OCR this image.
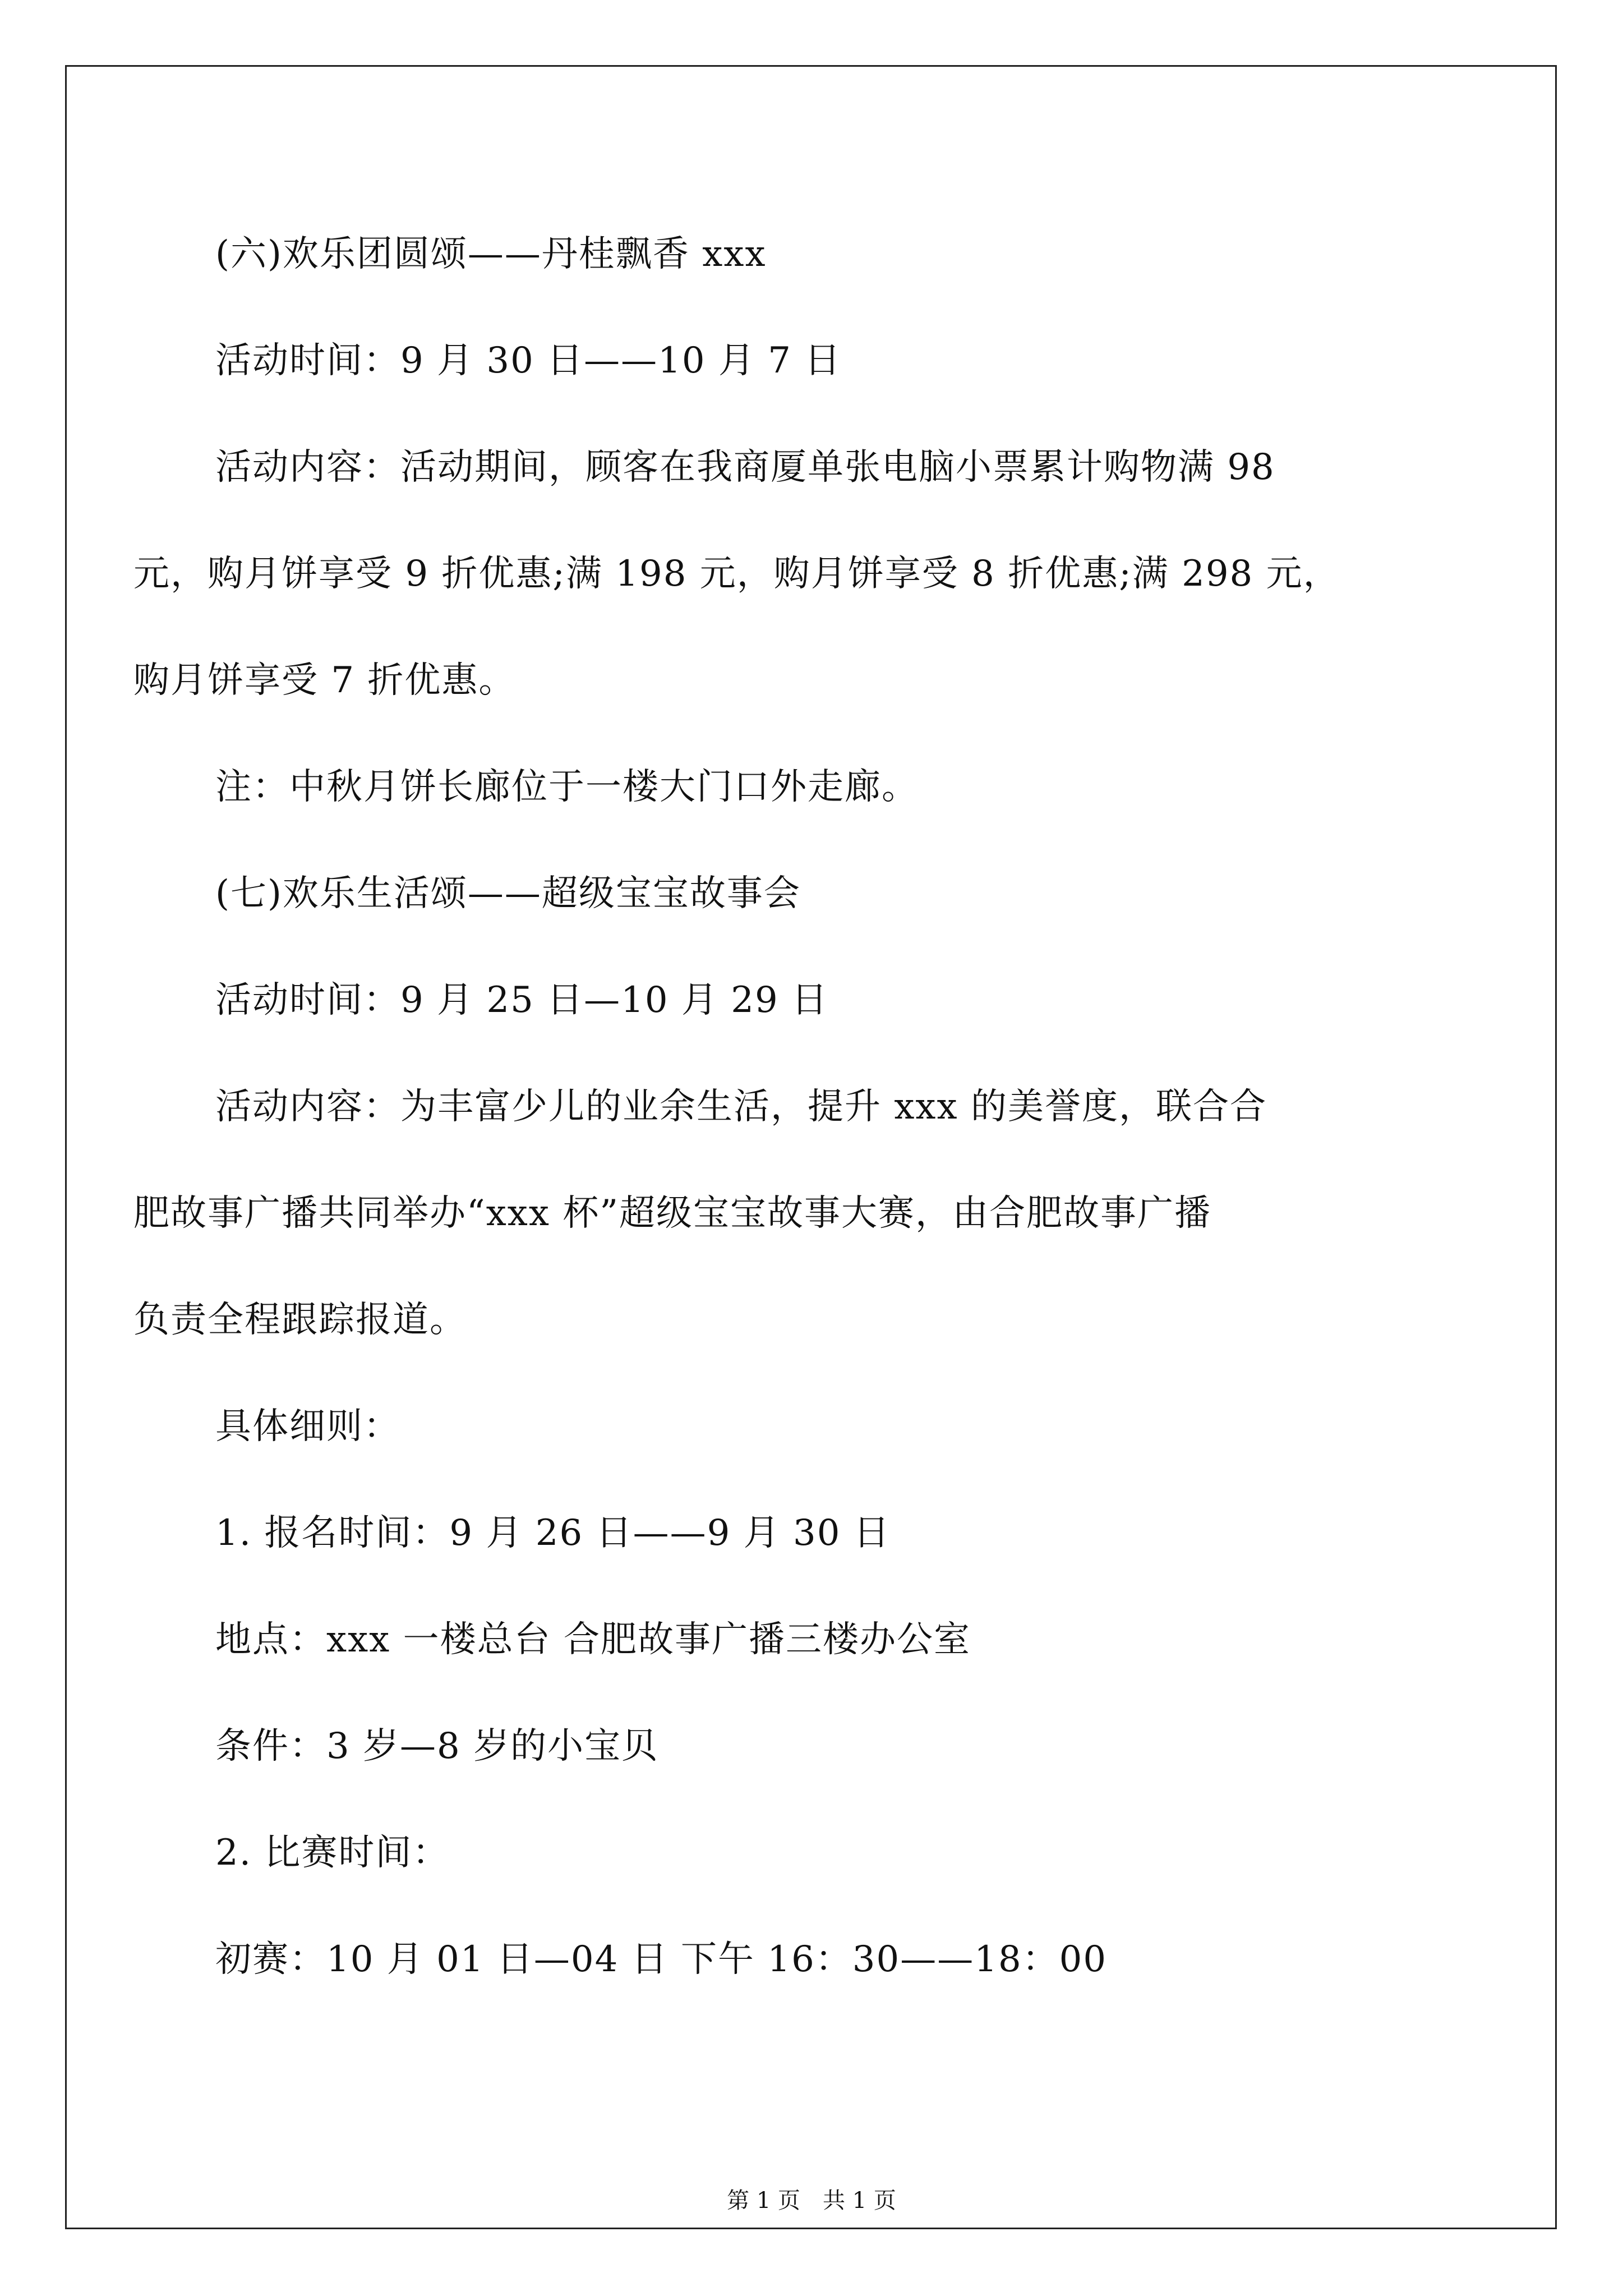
(六)欢乐团圆颂——丹桂飘香 xxx
活动时间：9 月 30 日——10 月 7 日
活动内容：活动期间，顾客在我商厦单张电脑小票累计购物满 98
元，购月饼享受 9 折优惠;满 198 元，购月饼享受 8 折优惠;满 298 元，
购月饼享受 7 折优惠。
注：中秋月饼长廊位于一楼大门口外走廊。
(七)欢乐生活颂——超级宝宝故事会
活动时间：9 月 25 日—10 月 29 日
活动内容：为丰富少儿的业余生活，提升 xxx 的美誉度，联合合
肥故事广播共同举办“xxx 杯”超级宝宝故事大赛，由合肥故事广播
负责全程跟踪报道。
具体细则：
1. 报名时间：9 月 26 日——9 月 30 日
地点：xxx 一楼总台 合肥故事广播三楼办公室
条件：3 岁—8 岁的小宝贝
2. 比赛时间：
初赛：10 月 01 日—04 日 下午 16：30——18：00
第 1 页　共 1 页
